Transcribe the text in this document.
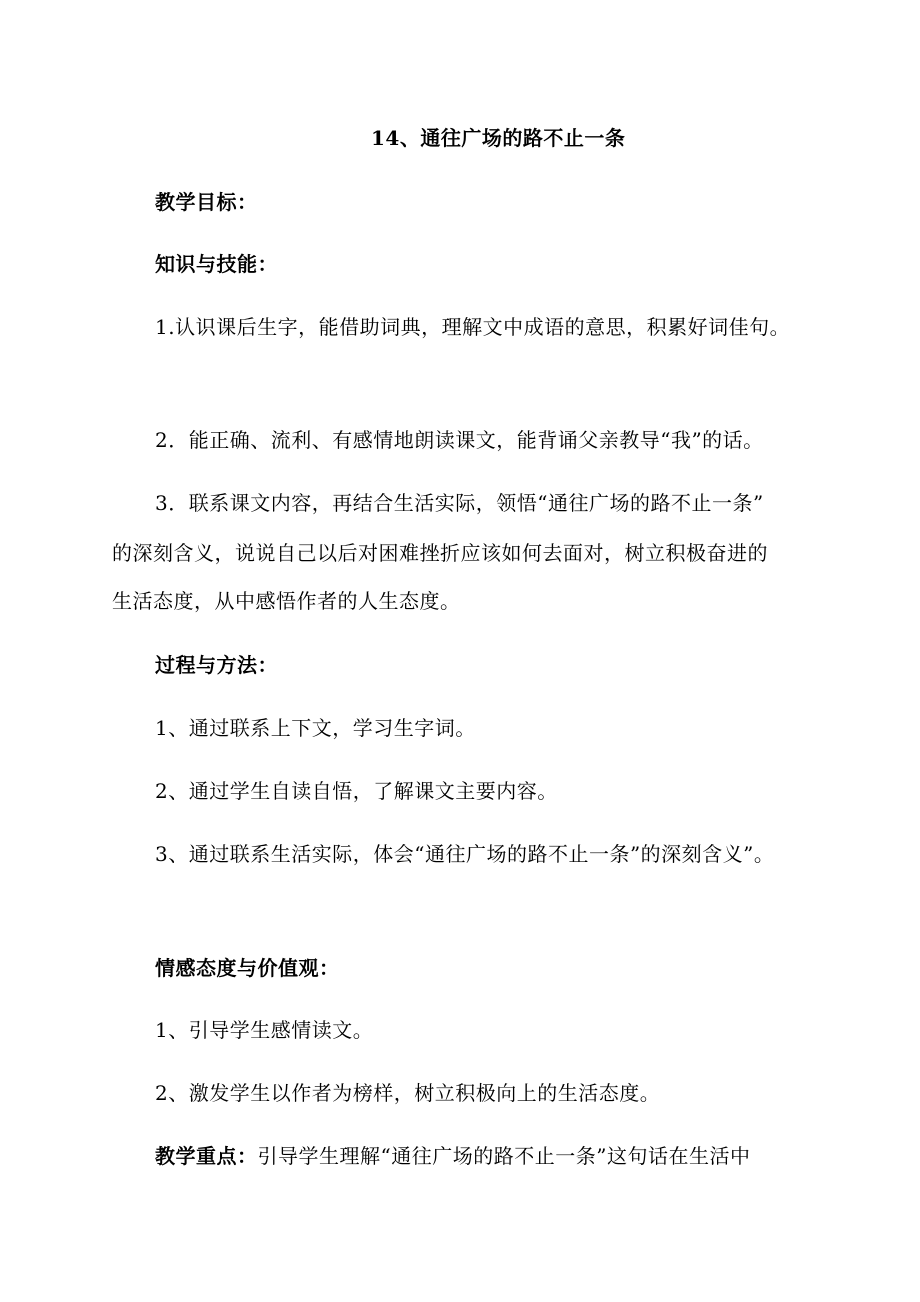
14、通往广场的路不止一条
教学目标：
知识与技能：
1.认识课后生字，能借助词典，理解文中成语的意思，积累好词佳句。
2．能正确、流利、有感情地朗读课文，能背诵父亲教导“我”的话。
3．联系课文内容，再结合生活实际，领悟“通往广场的路不止一条”
的深刻含义，说说自己以后对困难挫折应该如何去面对，树立积极奋进的
生活态度，从中感悟作者的人生态度。
过程与方法：
1、通过联系上下文，学习生字词。
2、通过学生自读自悟，了解课文主要内容。
3、通过联系生活实际，体会“通往广场的路不止一条”的深刻含义”。
情感态度与价值观：
1、引导学生感情读文。
2、激发学生以作者为榜样，树立积极向上的生活态度。
教学重点：引导学生理解“通往广场的路不止一条”这句话在生活中
